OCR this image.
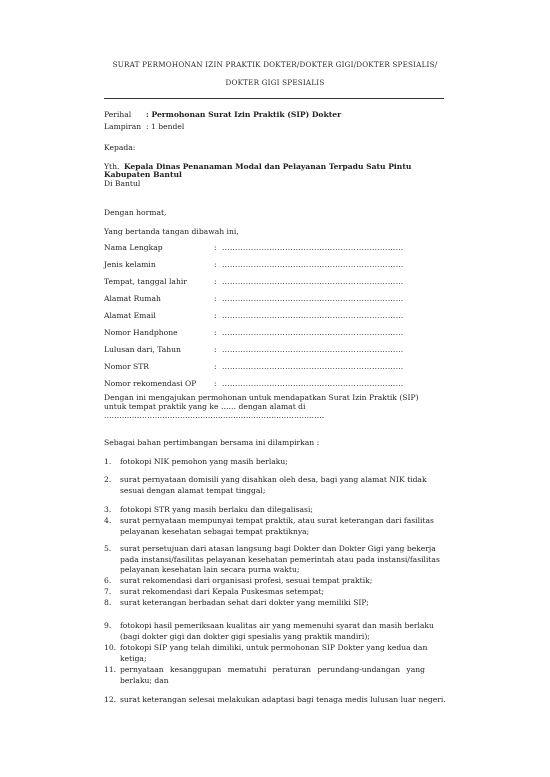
SURAT PERMOHONAN IZIN PRAKTIK DOKTER/DOKTER GIGI/DOKTER SPESIALIS/
DOKTER GIGI SPESIALIS
Perihal : Permohonan Surat Izin Praktik (SIP) Dokter
Lampiran : 1 bendel
Kepada:
Yth. Kepala Dinas Penanaman Modal dan Pelayanan Terpadu Satu Pintu
Kabupaten Bantul
Di Bantul
Dengan hormat,
Yang bertanda tangan dibawah ini,
Nama Lengkap	: ……………………………………………………………
Jenis kelamin	: ……………………………………………………………
Tempat, tanggal lahir	: ……………………………………………………………
Alamat Rumah	: ……………………………………………………………
Alamat Email	: ……………………………………………………………
Nomor Handphone	: ……………………………………………………………
Lulusan dari, Tahun	: ……………………………………………………………
Nomor STR	: ……………………………………………………………
Nomor rekomendasi OP : ……………………………………………………………
Dengan ini mengajukan permohonan untuk mendapatkan Surat Izin Praktik (SIP)
untuk tempat praktik yang ke …… dengan alamat di
……………………………………………………………………………
Sebagai bahan pertimbangan bersama ini dilampirkan :
1. fotokopi NIK pemohon yang masih berlaku;
2. surat pernyataan domisili yang disahkan oleh desa, bagi yang alamat NIK tidak sesuai dengan alamat tempat tinggal;
3. fotokopi STR yang masih berlaku dan dilegalisasi;
4. surat pernyataan mempunyai tempat praktik, atau surat keterangan dari fasilitas pelayanan kesehatan sebagai tempat praktiknya;
5. surat persetujuan dari atasan langsung bagi Dokter dan Dokter Gigi yang bekerja pada instansi/fasilitas pelayanan kesehatan pemerintah atau pada instansi/fasilitas pelayanan kesehatan lain secara purna waktu;
6. surat rekomendasi dari organisasi profesi, sesuai tempat praktik;
7. surat rekomendasi dari Kepala Puskesmas setempat;
8. surat keterangan berbadan sehat dari dokter yang memiliki SIP;
9. fotokopi hasil pemeriksaan kualitas air yang memenuhi syarat dan masih berlaku (bagi dokter gigi dan dokter gigi spesialis yang praktik mandiri);
10. fotokopi SIP yang telah dimiliki, untuk permohonan SIP Dokter yang kedua dan ketiga;
11. pernyataan kesanggupan mematuhi peraturan perundang-undangan yang berlaku; dan
12. surat keterangan selesai melakukan adaptasi bagi tenaga medis lulusan luar negeri.
